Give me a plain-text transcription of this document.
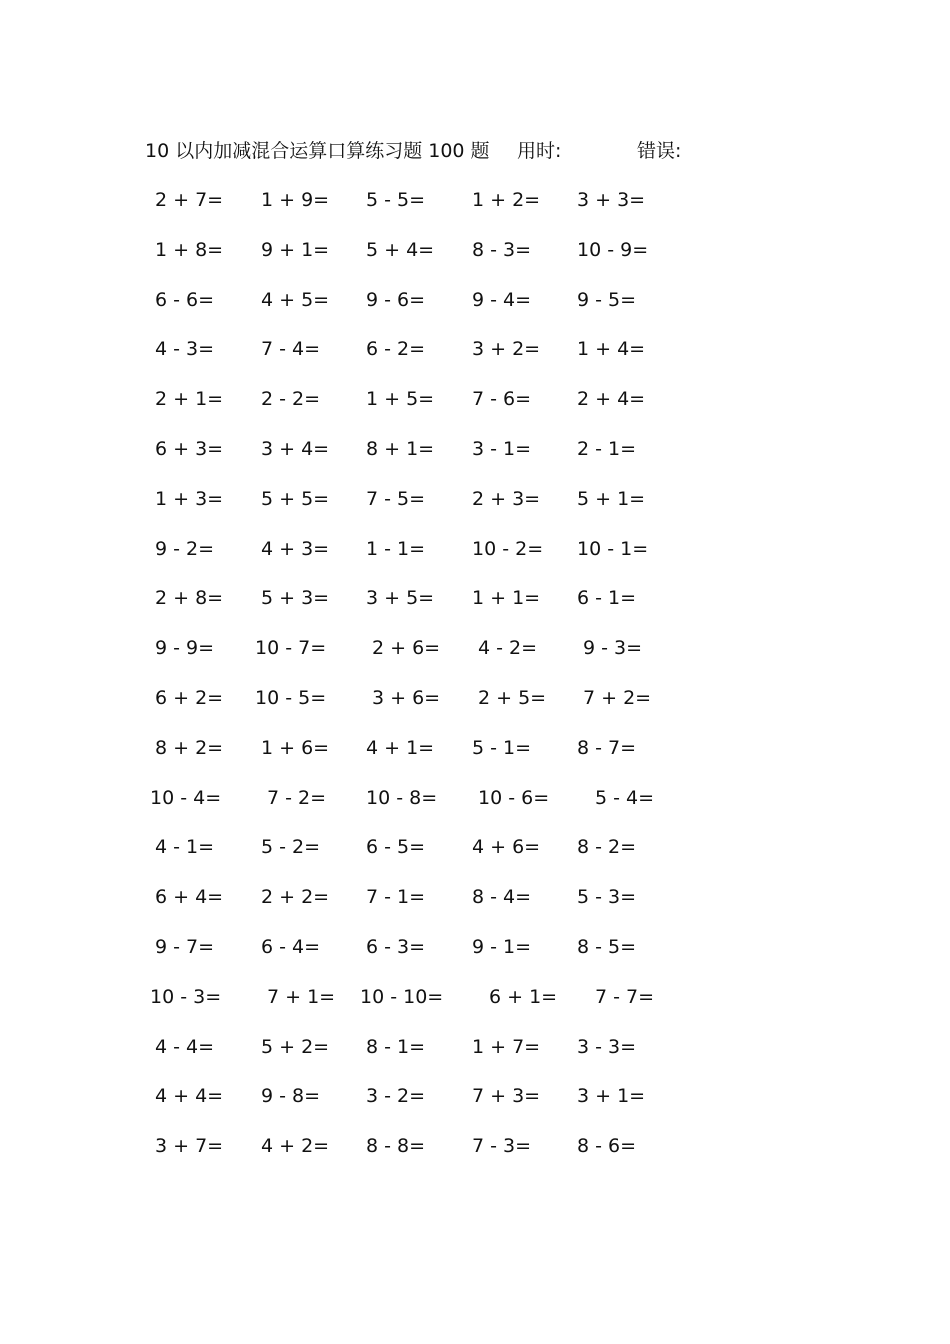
10 以内加减混合运算口算练习题 100 题 用时:	错误:
2 + 7= 1 + 9= 5 - 5= 1 + 2= 3 + 3=
1 + 8= 9 + 1= 5 + 4= 8 - 3= 10 - 9=
6 - 6= 4 + 5= 9 - 6= 9 - 4= 9 - 5=
4 - 3= 7 - 4= 6 - 2= 3 + 2= 1 + 4=
2 + 1= 2 - 2= 1 + 5= 7 - 6= 2 + 4=
6 + 3= 3 + 4= 8 + 1= 3 - 1= 2 - 1=
1 + 3= 5 + 5= 7 - 5= 2 + 3= 5 + 1=
9 - 2= 4 + 3= 1 - 1= 10 - 2= 10 - 1=
2 + 8= 5 + 3= 3 + 5= 1 + 1= 6 - 1=
9 - 9= 10 - 7= 2 + 6= 4 - 2= 9 - 3=
6 + 2= 10 - 5= 3 + 6= 2 + 5= 7 + 2=
8 + 2= 1 + 6= 4 + 1= 5 - 1= 8 - 7=
10 - 4= 7 - 2= 10 - 8= 10 - 6= 5 - 4=
4 - 1= 5 - 2= 6 - 5= 4 + 6= 8 - 2=
6 + 4= 2 + 2= 7 - 1= 8 - 4= 5 - 3=
9 - 7= 6 - 4= 6 - 3= 9 - 1= 8 - 5=
10 - 3= 7 + 1= 10 - 10= 6 + 1= 7 - 7=
4 - 4= 5 + 2= 8 - 1= 1 + 7= 3 - 3=
4 + 4= 9 - 8= 3 - 2= 7 + 3= 3 + 1=
3 + 7= 4 + 2= 8 - 8= 7 - 3= 8 - 6=
